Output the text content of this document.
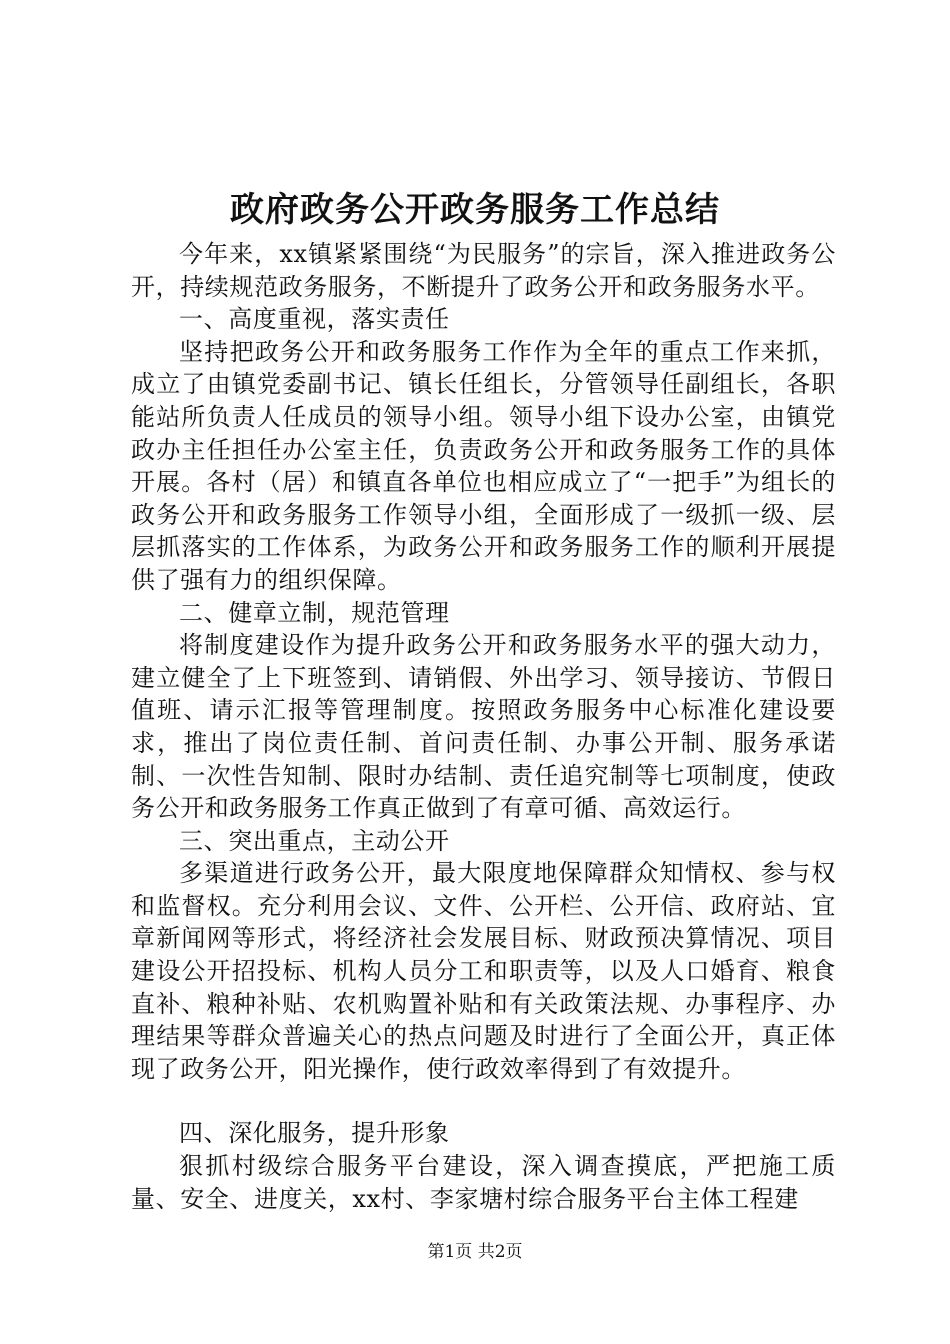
政府政务公开政务服务工作总结

今年来，xx镇紧紧围绕“为民服务”的宗旨，深入推进政务公开，持续规范政务服务，不断提升了政务公开和政务服务水平。

一、高度重视，落实责任

坚持把政务公开和政务服务工作作为全年的重点工作来抓，成立了由镇党委副书记、镇长任组长，分管领导任副组长，各职能站所负责人任成员的领导小组。领导小组下设办公室，由镇党政办主任担任办公室主任，负责政务公开和政务服务工作的具体开展。各村（居）和镇直各单位也相应成立了“一把手”为组长的政务公开和政务服务工作领导小组，全面形成了一级抓一级、层层抓落实的工作体系，为政务公开和政务服务工作的顺利开展提供了强有力的组织保障。

二、健章立制，规范管理

将制度建设作为提升政务公开和政务服务水平的强大动力，建立健全了上下班签到、请销假、外出学习、领导接访、节假日值班、请示汇报等管理制度。按照政务服务中心标准化建设要求，推出了岗位责任制、首问责任制、办事公开制、服务承诺制、一次性告知制、限时办结制、责任追究制等七项制度，使政务公开和政务服务工作真正做到了有章可循、高效运行。

三、突出重点，主动公开

多渠道进行政务公开，最大限度地保障群众知情权、参与权和监督权。充分利用会议、文件、公开栏、公开信、政府站、宜章新闻网等形式，将经济社会发展目标、财政预决算情况、项目建设公开招投标、机构人员分工和职责等，以及人口婚育、粮食直补、粮种补贴、农机购置补贴和有关政策法规、办事程序、办理结果等群众普遍关心的热点问题及时进行了全面公开，真正体现了政务公开，阳光操作，使行政效率得到了有效提升。

四、深化服务，提升形象

狠抓村级综合服务平台建设，深入调查摸底，严把施工质量、安全、进度关，xx村、李家塘村综合服务平台主体工程建

第1页 共2页
